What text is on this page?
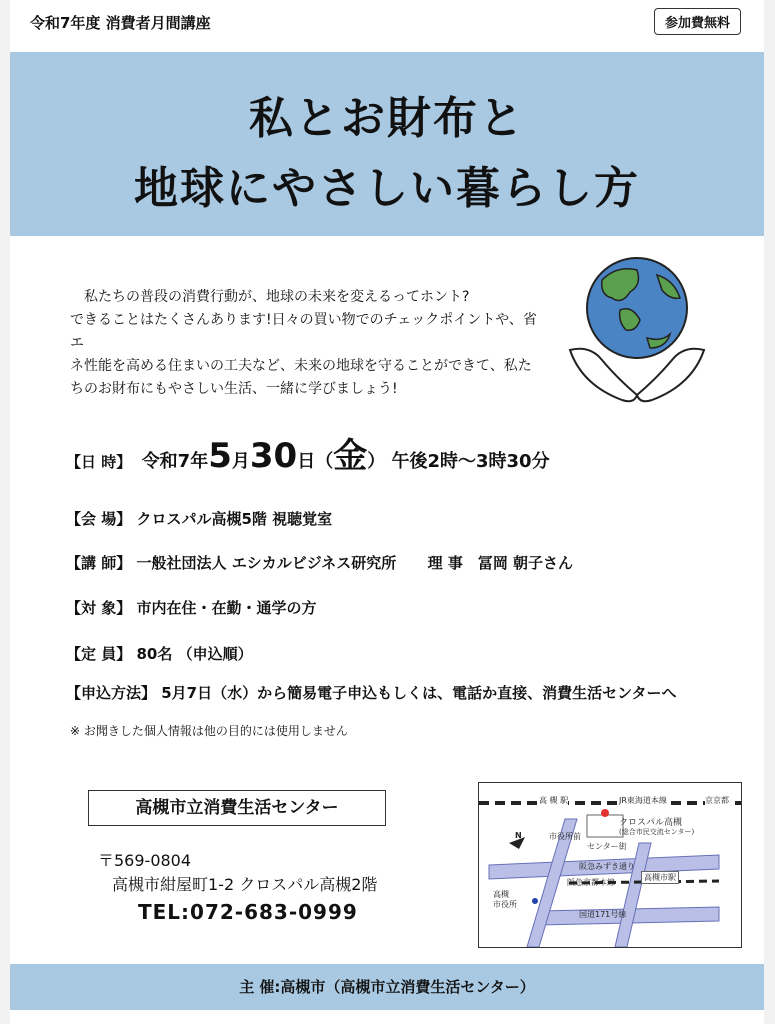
令和7年度 消費者月間講座	参加費無料
私とお財布と
地球にやさしい暮らし方
　私たちの普段の消費行動が、地球の未来を変えるってホント?
できることはたくさんあります!日々の買い物でのチェックポイントや、省エ
ネ性能を高める住まいの工夫など、未来の地球を守ることができて、私た
ちのお財布にもやさしい生活、一緒に学びましょう!
【日 時】 令和7年5月30日（金） 午後2時～3時30分
【会 場】 クロスパル高槻5階 視聴覚室
【講 師】 一般社団法人 エシカルビジネス研究所 理 事　冨岡 朝子さん
【対 象】 市内在住・在勤・通学の方
【定 員】 80名 （申込順）
【申込方法】 5月7日（水）から簡易電子申込もしくは、電話か直接、消費生活センターへ
※ お聞きした個人情報は他の目的には使用しません
高槻市立消費生活センター
〒569-0804
高槻市紺屋町1-2 クロスパル高槻2階
TEL:072-683-0999
高 槻 駅	JR東海道本線	京京都
クロスパル高槻
(総合市民交流センター)
センター街
市役所前
阪急みずき通り
阪急京都本線
高槻市駅
高槻
市役所
国道171号線
N
主 催:高槻市（高槻市立消費生活センター）
